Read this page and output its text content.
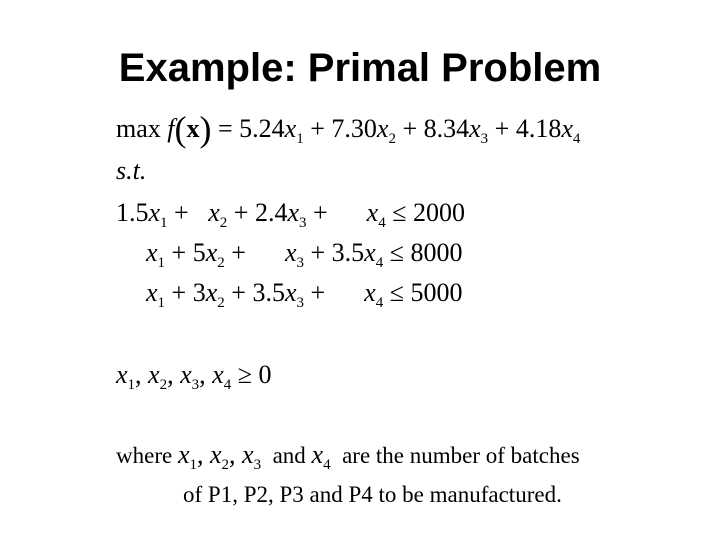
Example: Primal Problem
$\max f(x) = 5.24x_1 + 7.30x_2 + 8.34x_3 + 4.18x_4$
s.t.
$1.5x_1 + x_2 + 2.4x_3$ +      $x_4 \le 2000$
$x_1 + 5x_2$ +      $x_3 + 3.5x_4 \le 8000$
$x_1 + 3x_2 + 3.5x_3$ +      $x_4 \le 5000$
$x_1$, $x_2$, $x_3$, $x_4 \ge 0$
where $x_1$, $x_2$, $x_3$ and $x_4$ are the number of batches
of P1, P2, P3 and P4 to be manufactured.
